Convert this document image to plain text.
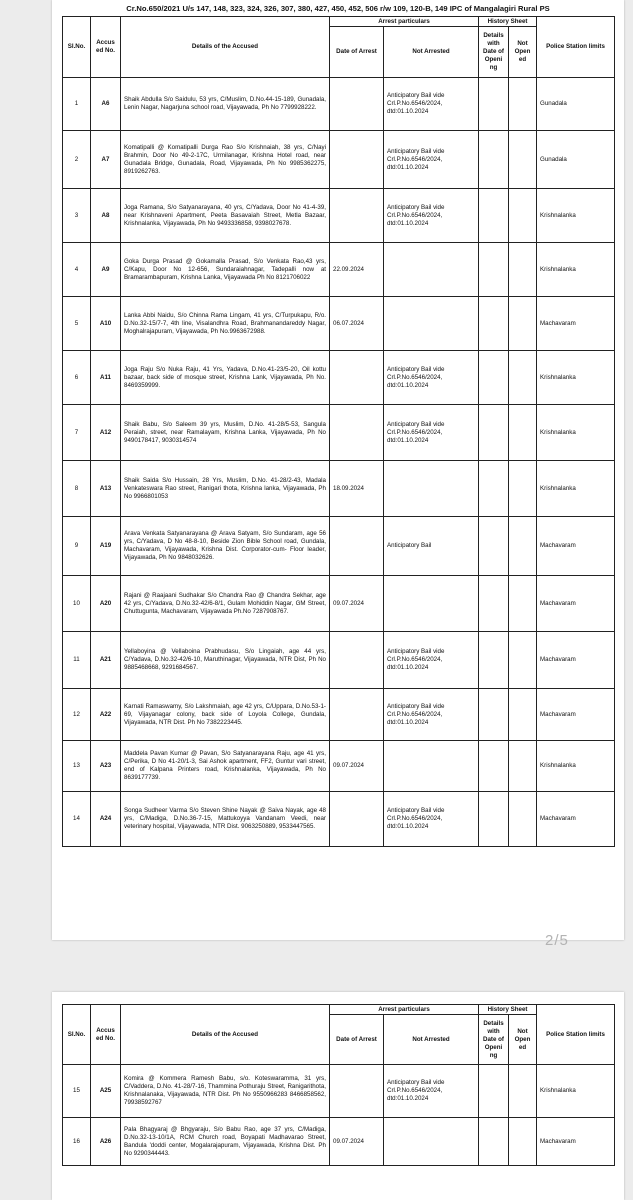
Cr.No.650/2021 U/s 147, 148, 323, 324, 326, 307, 380, 427, 450, 452, 506 r/w 109, 120-B, 149 IPC of Mangalagiri Rural PS
Sl.No.	Accus ed No.	Details of the Accused	Arrest particulars		History Sheet		Police Station limits
			Date of Arrest	Not Arrested	Details with Date of Openi ng	Not Open ed	
1	A6	Shaik Abdulla S/o Saidulu, 53 yrs, C/Muslim, D.No.44-15-189, Gunadala, Lenin Nagar, Nagarjuna school road, Vijayawada, Ph No 7799928222.		Anticipatory Bail vide Crl.P.No.6546/2024, dtd:01.10.2024			Gunadala
2	A7	Komatipalli @ Komatipalli Durga Rao S/o Krishnaiah, 38 yrs, C/Nayi Brahmin, Door No 49-2-17C, Urmilanagar, Krishna Hotel road, near Gunadala Bridge, Gunadala, Road, Vijayawada, Ph No 9985362275, 8919262763.		Anticipatory Bail vide Crl.P.No.6546/2024, dtd:01.10.2024			Gunadala
3	A8	Joga Ramana, S/o Satyanarayana, 40 yrs, C/Yadava, Door No 41-4-39, near Krishnaveni Apartment, Peeta Basavaiah Street, Metla Bazaar, Krishnalanka, Vijayawada, Ph No 9493336858, 9398027678.		Anticipatory Bail vide Crl.P.No.6546/2024, dtd:01.10.2024			Krishnalanka
4	A9	Goka Durga Prasad @ Gokamalla Prasad, S/o Venkata Rao,43 yrs, C/Kapu, Door No 12-656, Sundaraiahnagar, Tadepalli now at Bramarambapuram, Krishna Lanka, Vijayawada Ph No 8121706022	22.09.2024				Krishnalanka
5	A10	Lanka Abbi Naidu, S/o Chinna Rama Lingam, 41 yrs, C/Turpukapu, R/o. D.No.32-15/7-7, 4th line, Visalandhra Road, Brahmanandareddy Nagar, Moghalrajapuram, Vijayawada, Ph No.9963672988.	06.07.2024				Machavaram
6	A11	Joga Raju S/o Nuka Raju, 41 Yrs, Yadava, D.No.41-23/5-20, Oil kottu bazaar, back side of mosque street, Krishna Lank, Vijayawada, Ph No. 8469359999.		Anticipatory Bail vide Crl.P.No.6546/2024, dtd:01.10.2024			Krishnalanka
7	A12	Shaik Babu, S/o Saleem 39 yrs, Muslim, D.No. 41-28/5-53, Sangula Peraiah, street, near Ramalayam, Krishna Lanka, Vijayawada, Ph No 9490178417, 9030314574		Anticipatory Bail vide Crl.P.No.6546/2024, dtd:01.10.2024			Krishnalanka
8	A13	Shaik Saida S/o Hussain, 28 Yrs, Muslim, D.No. 41-28/2-43, Madala Venkateswara Rao street, Ranigari thota, Krishna lanka, Vijayawada, Ph No 9966801053	18.09.2024				Krishnalanka
9	A19	Arava Venkata Satyanarayana @ Arava Satyam, S/o Sundaram, age 56 yrs, C/Yadava, D No 48-8-10, Beside Zion Bible School road, Gundala, Machavaram, Vijayawada, Krishna Dist. Corporator-cum- Floor leader, Vijayawada, Ph No 9848032626.		Anticipatory Bail			Machavaram
10	A20	Rajani @ Raajaani Sudhakar S/o Chandra Rao @ Chandra Sekhar, age 42 yrs, C/Yadava, D.No.32-42/6-8/1, Gulam Mohiddin Nagar, GM Street, Chuttugunta, Machavaram, Vijayawada Ph.No 7287908767.	09.07.2024				Machavaram
11	A21	Yellaboyina @ Vellaboina Prabhudasu, S/o Lingaiah, age 44 yrs, C/Yadava, D.No.32-42/6-10, Maruthinagar, Vijayawada, NTR Dist, Ph No 9885468668, 9291684567.		Anticipatory Bail vide Crl.P.No.6546/2024, dtd:01.10.2024			Machavaram
12	A22	Karnati Ramaswamy, S/o Lakshmaiah, age 42 yrs, C/Uppara, D.No.53-1-69, Vijayanagar colony, back side of Loyola College, Gundala, Vijayawada, NTR Dist. Ph No 7382223445.		Anticipatory Bail vide Crl.P.No.6546/2024, dtd:01.10.2024			Machavaram
13	A23	Maddela Pavan Kumar @ Pavan, S/o Satyanarayana Raju, age 41 yrs, C/Perika, D No 41-20/1-3, Sai Ashok apartment, FF2, Guntur vari street, end of Kalpana Printers road, Krishnalanka, Vijayawada, Ph No 8639177739.	09.07.2024				Krishnalanka
14	A24	Songa Sudheer Varma S/o Steven Shine Nayak @ Saiva Nayak, age 48 yrs, C/Madiga, D.No.36-7-15, Mattukoyya Vandanam Veedi, near veterinary hospital, Vijayawada, NTR Dist. 9063250889, 9533447565.		Anticipatory Bail vide Crl.P.No.6546/2024, dtd:01.10.2024			Machavaram
2/5
Sl.No.	Accus ed No.	Details of the Accused	Arrest particulars		History Sheet		Police Station limits
			Date of Arrest	Not Arrested	Details with Date of Openi ng	Not Open ed	
15	A25	Komira @ Kommera Ramesh Babu, s/o. Koteswaramma, 31 yrs, C/Vaddera, D.No. 41-28/7-16, Thammina Pothuraju Street, Ranigarithota, Krishnalanaka, Vijayawada, NTR Dist. Ph No 9550966283 8466858562, 79938592767		Anticipatory Bail vide Crl.P.No.6546/2024, dtd:01.10.2024			Krishnalanka
16	A26	Pala Bhagyaraj @ Bhgyaraju, S/o Babu Rao, age 37 yrs, C/Madiga, D.No.32-13-10/1A, RCM Church road, Boyapati Madhavarao Street, Bandula 'doddi center, Mogalarajapuram, Vijayawada, Krishna Dist. Ph No 9290344443.	09.07.2024				Machavaram
